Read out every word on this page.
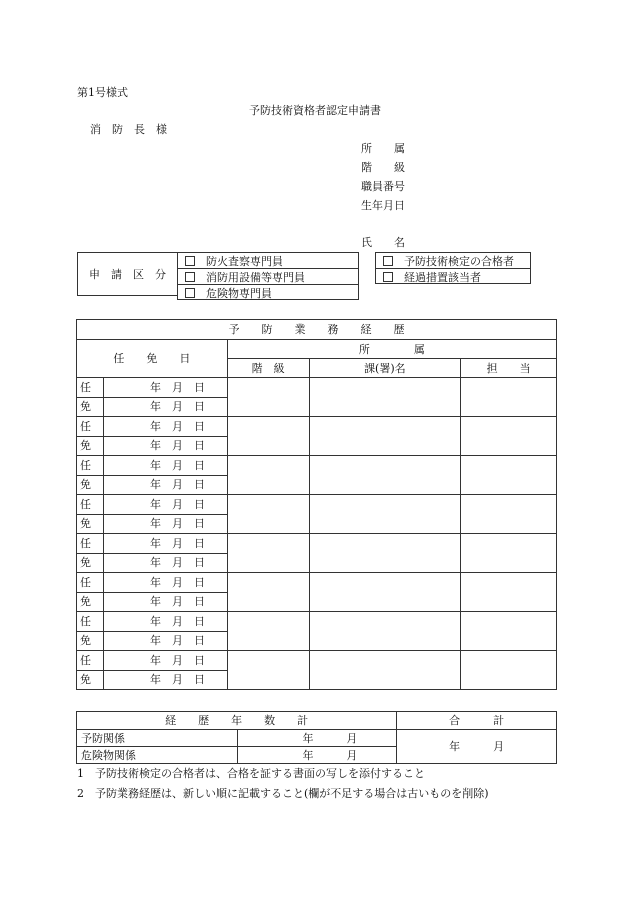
第1号様式
予防技術資格者認定申請書
消　防　長　様
所　　属
階　　級
職員番号
生年月日
氏　　名
申　請　区　分
防火査察専門員
消防用設備等専門員
危険物専門員
予防技術検定の合格者
経過措置該当者
予　　防　　業　　務　　経　　歴				
任　　免　　日		所　　　　属		
		階　級	課(署)名	担　　当
任	年　月　日			
免	年　月　日			
任	年　月　日			
免	年　月　日			
任	年　月　日			
免	年　月　日			
任	年　月　日			
免	年　月　日			
任	年　月　日			
免	年　月　日			
任	年　月　日			
免	年　月　日			
任	年　月　日			
免	年　月　日			
任	年　月　日			
免	年　月　日			
経　　歴　　年　　数　　計		合　　　計
予防関係	年　　　月	年　　　月
危険物関係	年　　　月	
1　予防技術検定の合格者は、合格を証する書面の写しを添付すること
2　予防業務経歴は、新しい順に記載すること(欄が不足する場合は古いものを削除)
